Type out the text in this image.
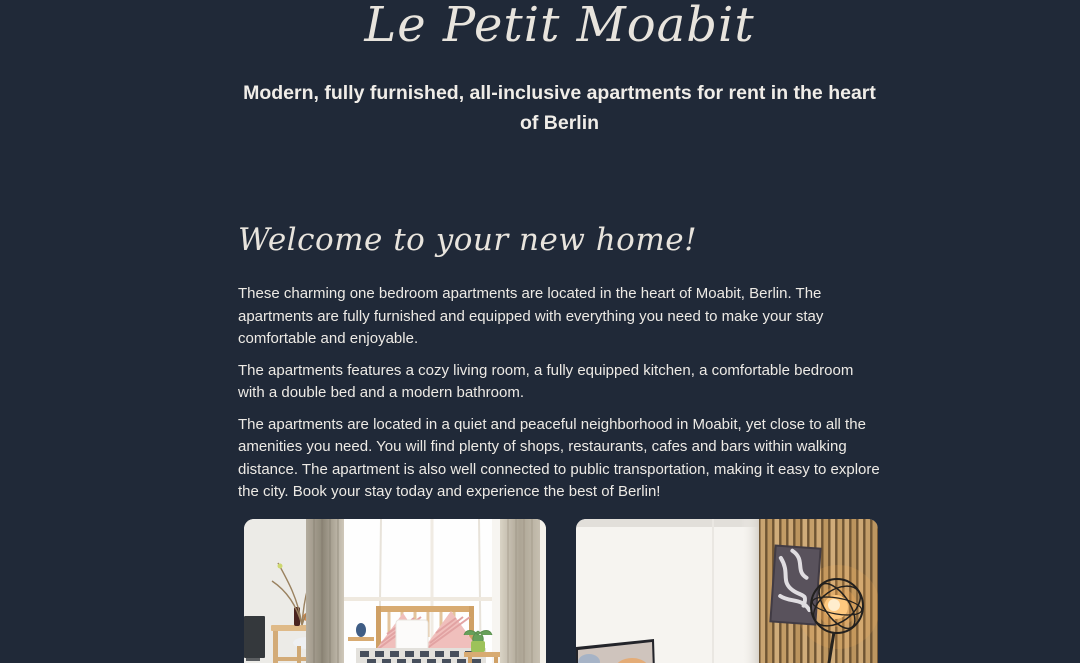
Le Petit Moabit

Modern, fully furnished, all-inclusive apartments for rent in the heart of Berlin

Welcome to your new home!

These charming one bedroom apartments are located in the heart of Moabit, Berlin. The apartments are fully furnished and equipped with everything you need to make your stay comfortable and enjoyable.

The apartments features a cozy living room, a fully equipped kitchen, a comfortable bedroom with a double bed and a modern bathroom.

The apartments are located in a quiet and peaceful neighborhood in Moabit, yet close to all the amenities you need. You will find plenty of shops, restaurants, cafes and bars within walking distance. The apartment is also well connected to public transportation, making it easy to explore the city. Book your stay today and experience the best of Berlin!
